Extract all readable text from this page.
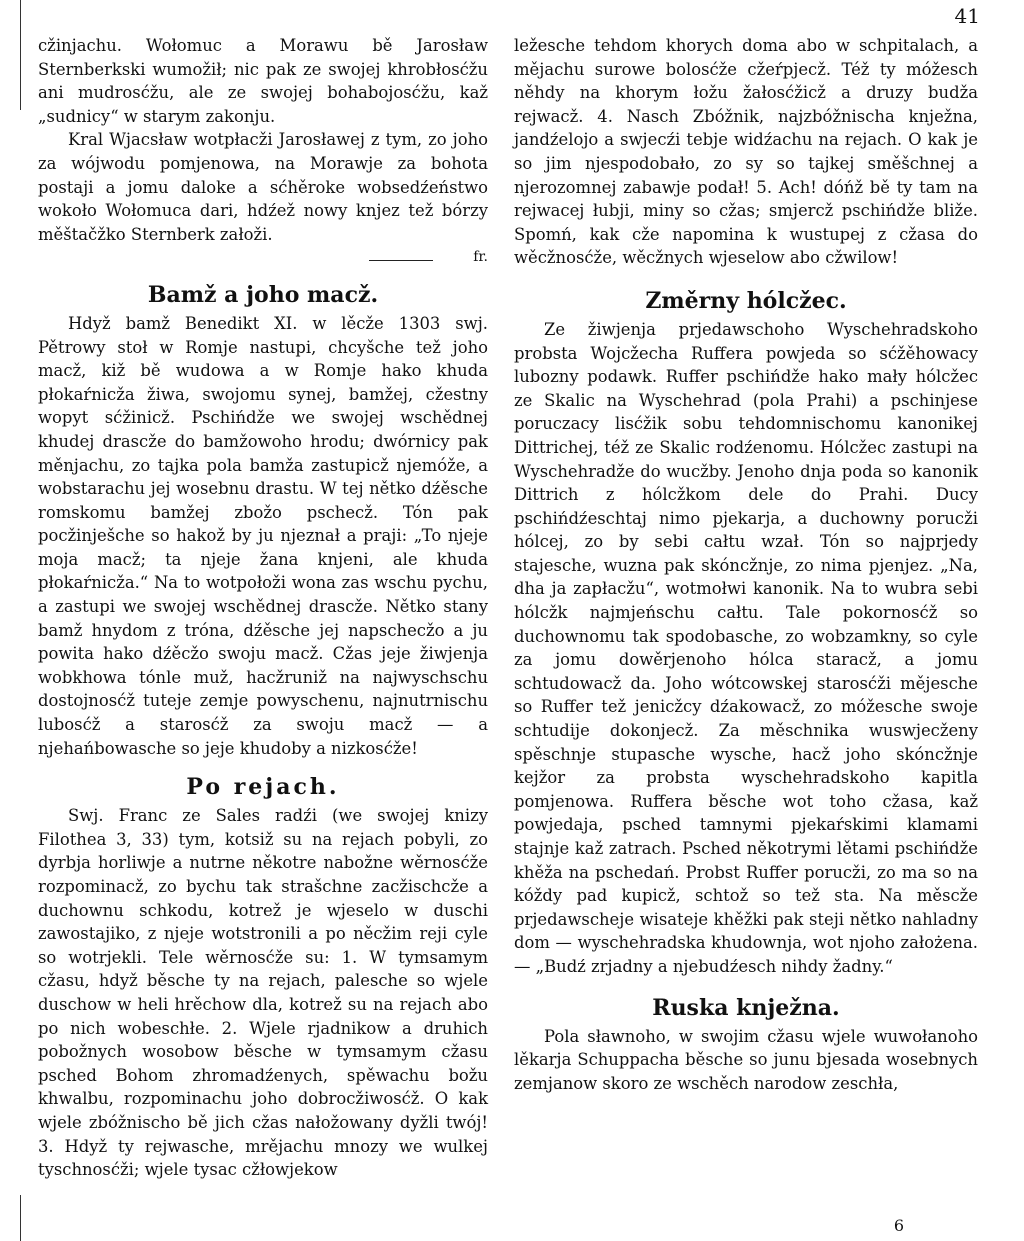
41

cžinjachu. Wołomuc a Morawu bě Jarosław Sternberkski wumožił; nic pak ze swojej khrobłosćžu ani mudrosćžu, ale ze swojej bohabojosćžu, kaž „sudnicy“ w starym zakonju.

Kral Wjacsław wotpłacži Jarosławej z tym, zo joho za wójwodu pomjenowa, na Morawje za bohota postaji a jomu daloke a sćhěroke wobsedźeństwo wokoło Wołomuca dari, hdźež nowy knjez tež bórzy měštačžko Sternberk załoži.

fr.
Bamž a joho macž.

Hdyž bamž Benedikt XI. w lěcže 1303 swj. Pětrowy stoł w Romje nastupi, chcyšche tež joho macž, kiž bě wudowa a w Romje hako khuda płokaŕnicža žiwa, swojomu synej, bamžej, cžestny wopyt sćžinicž. Pschińdže we swojej wschědnej khudej drascže do bamžowoho hrodu; dwórnicy pak měnjachu, zo tajka pola bamža zastupicž njemóže, a wobstarachu jej wosebnu drastu. W tej nětko dźěsche romskomu bamžej zbožo pschecž. Tón pak pocžinješche so hakož by ju njeznał a praji: „To njeje moja macž; ta njeje žana knjeni, ale khuda płokaŕnicža.“ Na to wotpołoži wona zas wschu pychu, a zastupi we swojej wschědnej drascže. Nětko stany bamž hnydom z tróna, dźěsche jej napschecžo a ju powita hako dźěcžo swoju macž. Cžas jeje žiwjenja wobkhowa tónle muž, hacžruniž na najwyschschu dostojnosćž tuteje zemje powyschenu, najnutrnischu lubosćž a starosćž za swoju macž — a njehańbowasche so jeje khudoby a nizkosćže!

Po rejach.

Swj. Franc ze Sales radźi (we swojej knizy Filothea 3, 33) tym, kotsiž su na rejach pobyli, zo dyrbja horliwje a nutrne někotre nabožne wěrnosćže rozpominacž, zo bychu tak strašchne zacžischcže a duchownu schkodu, kotrež je wjeselo w duschi zawostajiko, z njeje wotstronili a po něcžim reji cyle so wotrjekli. Tele wěrnosćže su: 1. W tymsamym cžasu, hdyž běsche ty na rejach, palesche so wjele duschow w heli hrěchow dla, kotrež su na rejach abo po nich wobeschłe. 2. Wjele rjadnikow a druhich pobožnych wosobow běsche w tymsamym cžasu psched Bohom zhromadźenych, spěwachu božu khwalbu, rozpominachu joho dobrocžiwosćž. O kak wjele zbóžnischo bě jich cžas nałožowany dyžli twój! 3. Hdyž ty rejwasche, mrějachu mnozy we wulkej tyschnosćži; wjele tysac cžłowjekow

ležesche tehdom khorych doma abo w schpitalach, a mějachu surowe bolosćže cžeŕpjecž. Též ty móžesch něhdy na khorym łožu žałosćžicž a druzy budža rejwacž. 4. Nasch Zbóžnik, najzbóžnischa knježna, jandźelojo a swjecźi tebje widźachu na rejach. O kak je so jim njespodobało, zo sy so tajkej směšchnej a njerozomnej zabawje podał! 5. Ach! dóńž bě ty tam na rejwacej łubji, miny so cžas; smjercž pschińdže bliže. Spomń, kak cže napomina k wustupej z cžasa do wěcžnosćže, wěcžnych wjeselow abo cžwilow!

Změrny hólcžec.

Ze žiwjenja prjedawschoho Wyschehradskoho probsta Wojcžecha Ruffera powjeda so sćžěhowacy lubozny podawk. Ruffer pschińdže hako mały hólcžec ze Skalic na Wyschehrad (pola Prahi) a pschinjese poruczacy lisćžik sobu tehdomnischomu kanonikej Dittrichej, též ze Skalic rodźenomu. Hólcžec zastupi na Wyschehradže do wucžby. Jenoho dnja poda so kanonik Dittrich z hólcžkom dele do Prahi. Ducy pschińdźeschtaj nimo pjekarja, a duchowny porucži hólcej, zo by sebi całtu wzał. Tón so najprjedy stajesche, wuzna pak skóncžnje, zo nima pjenjez. „Na, dha ja zapłacžu“, wotmołwi kanonik. Na to wubra sebi hólcžk najmjeńschu całtu. Tale pokornosćž so duchownomu tak spodobasche, zo wobzamkny, so cyle za jomu dowěrjenoho hólca staracž, a jomu schtudowacž da. Joho wótcowskej starosćži mějesche so Ruffer tež jenicžcy dźakowacž, zo móžesche swoje schtudije dokonjecž. Za měschnika wuswjecženy spěschnje stupasche wysche, hacž joho skóncžnje kejžor za probsta wyschehradskoho kapitla pomjenowa. Ruffera běsche wot toho cžasa, kaž powjedaja, psched tamnymi pjekaŕskimi klamami stajnje kaž zatrach. Psched někotrymi lětami pschińdže khěža na pschedań. Probst Ruffer porucži, zo ma so na kóždy pad kupicž, schtož so tež sta. Na měscže prjedawscheje wisateje khěžki pak steji nětko nahladny dom — wyschehradska khudownja, wot njoho założena. — „Budź zrjadny a njebudźesch nihdy žadny.“

Ruska knježna.

Pola sławnoho, w swojim cžasu wjele wuwołanoho lěkarja Schuppacha běsche so junu bjesada wosebnych zemjanow skoro ze wschěch narodow zeschła,

6
